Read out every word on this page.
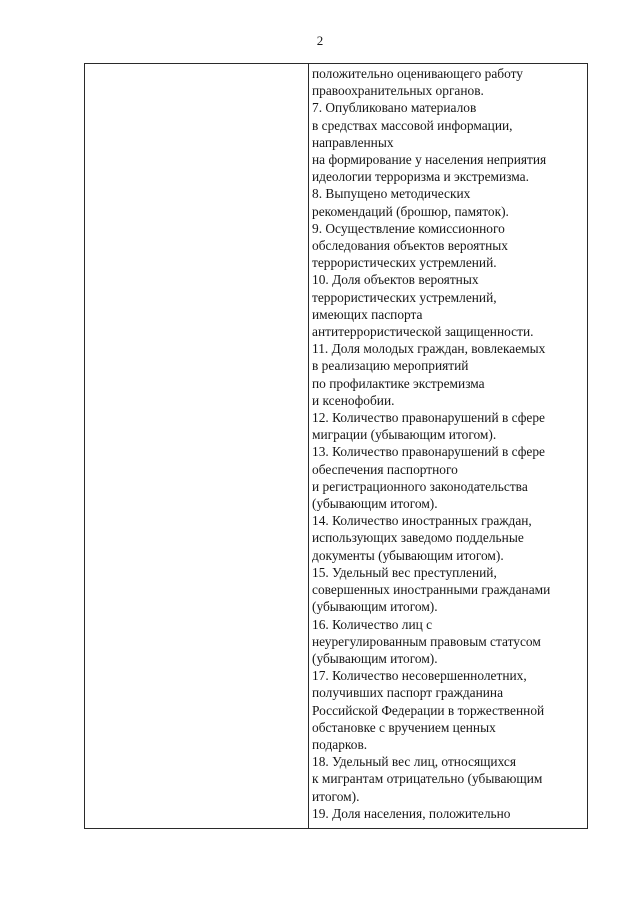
2
положительно оценивающего работу
правоохранительных органов.
7. Опубликовано материалов
в средствах массовой информации,
направленных
на формирование у населения неприятия
идеологии терроризма и экстремизма.
8. Выпущено методических
рекомендаций (брошюр, памяток).
9. Осуществление комиссионного
обследования объектов вероятных
террористических устремлений.
10. Доля объектов вероятных
террористических устремлений,
имеющих паспорта
антитеррористической защищенности.
11. Доля молодых граждан, вовлекаемых
в реализацию мероприятий
по профилактике экстремизма
и ксенофобии.
12. Количество правонарушений в сфере
миграции (убывающим итогом).
13. Количество правонарушений в сфере
обеспечения паспортного
и регистрационного законодательства
(убывающим итогом).
14. Количество иностранных граждан,
использующих заведомо поддельные
документы (убывающим итогом).
15. Удельный вес преступлений,
совершенных иностранными гражданами
(убывающим итогом).
16. Количество лиц с
неурегулированным правовым статусом
(убывающим итогом).
17. Количество несовершеннолетних,
получивших паспорт гражданина
Российской Федерации в торжественной
обстановке с вручением ценных
подарков.
18. Удельный вес лиц, относящихся
к мигрантам отрицательно (убывающим
итогом).
19. Доля населения, положительно
